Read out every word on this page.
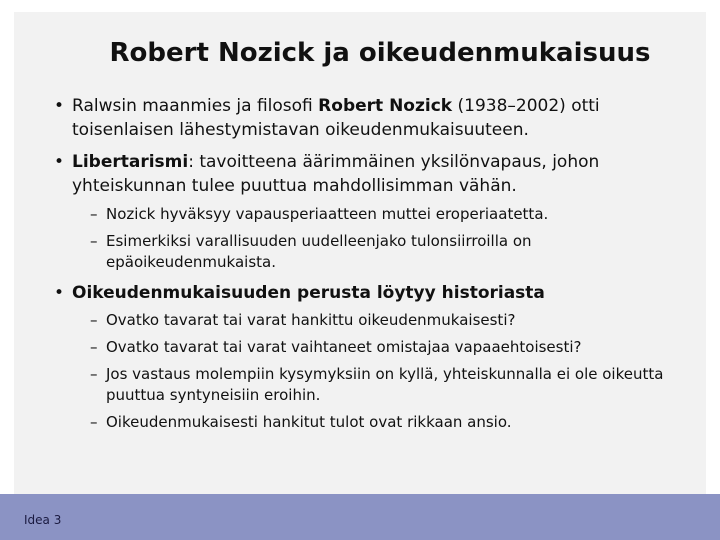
Robert Nozick ja oikeudenmukaisuus
• Ralwsin maanmies ja filosofi Robert Nozick (1938–2002) otti toisenlaisen lähestymistavan oikeudenmukaisuuteen.
• Libertarismi: tavoitteena äärimmäinen yksilönvapaus, johon yhteiskunnan tulee puuttua mahdollisimman vähän.
– Nozick hyväksyy vapausperiaatteen muttei eroperiaatetta.
– Esimerkiksi varallisuuden uudelleenjako tulonsiirroilla on epäoikeudenmukaista.
• Oikeudenmukaisuuden perusta löytyy historiasta
– Ovatko tavarat tai varat hankittu oikeudenmukaisesti?
– Ovatko tavarat tai varat vaihtaneet omistajaa vapaaehtoisesti?
– Jos vastaus molempiin kysymyksiin on kyllä, yhteiskunnalla ei ole oikeutta puuttua syntyneisiin eroihin.
– Oikeudenmukaisesti hankitut tulot ovat rikkaan ansio.
Idea 3
